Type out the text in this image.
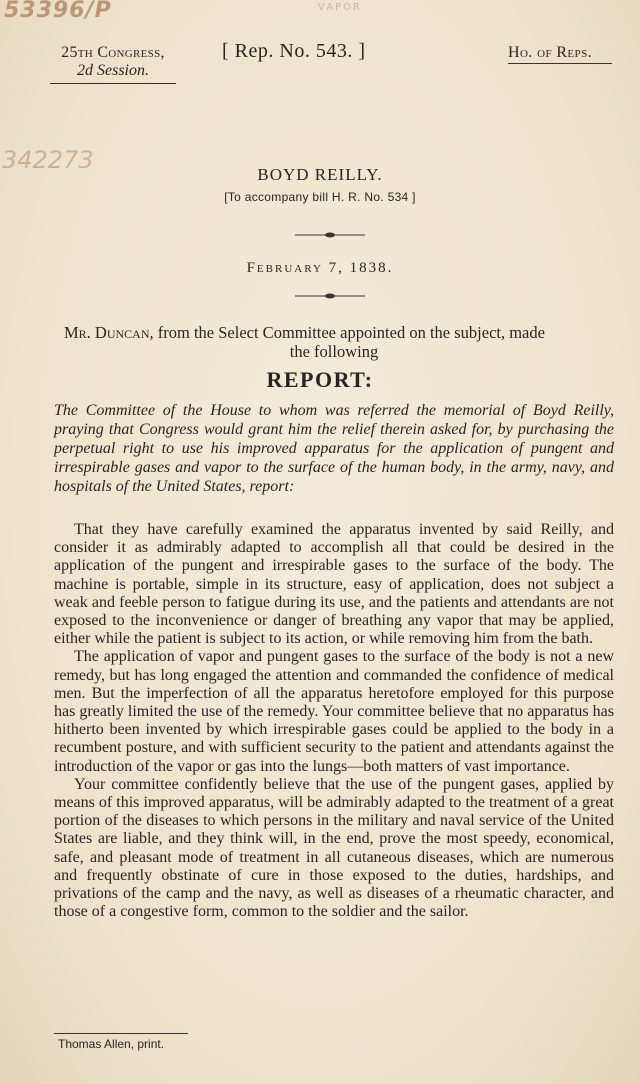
53396/P	VAPOR
342273
25th Congress,
2d Session.
[ Rep. No. 543. ]	Ho. of Reps.
BOYD REILLY.
[To accompany bill H. R. No. 534 ]
February 7, 1838.
Mr. Duncan, from the Select Committee appointed on the subject, made
the following
REPORT:
The Committee of the House to whom was referred the memorial of Boyd Reilly, praying that Congress would grant him the relief therein asked for, by purchasing the perpetual right to use his improved apparatus for the application of pungent and irrespirable gases and vapor to the surface of the human body, in the army, navy, and hospitals of the United States, report:

That they have carefully examined the apparatus invented by said Reilly, and consider it as admirably adapted to accomplish all that could be desired in the application of the pungent and irrespirable gases to the surface of the body. The machine is portable, simple in its structure, easy of application, does not subject a weak and feeble person to fatigue during its use, and the patients and attendants are not exposed to the inconvenience or danger of breathing any vapor that may be applied, either while the patient is subject to its action, or while removing him from the bath.

The application of vapor and pungent gases to the surface of the body is not a new remedy, but has long engaged the attention and commanded the confidence of medical men. But the imperfection of all the apparatus heretofore employed for this purpose has greatly limited the use of the remedy. Your committee believe that no apparatus has hitherto been invented by which irrespirable gases could be applied to the body in a recumbent posture, and with sufficient security to the patient and attendants against the introduction of the vapor or gas into the lungs—both matters of vast importance.

Your committee confidently believe that the use of the pungent gases, applied by means of this improved apparatus, will be admirably adapted to the treatment of a great portion of the diseases to which persons in the military and naval service of the United States are liable, and they think will, in the end, prove the most speedy, economical, safe, and pleasant mode of treatment in all cutaneous diseases, which are numerous and frequently obstinate of cure in those exposed to the duties, hardships, and privations of the camp and the navy, as well as diseases of a rheumatic character, and those of a congestive form, common to the soldier and the sailor.

Thomas Allen, print.
